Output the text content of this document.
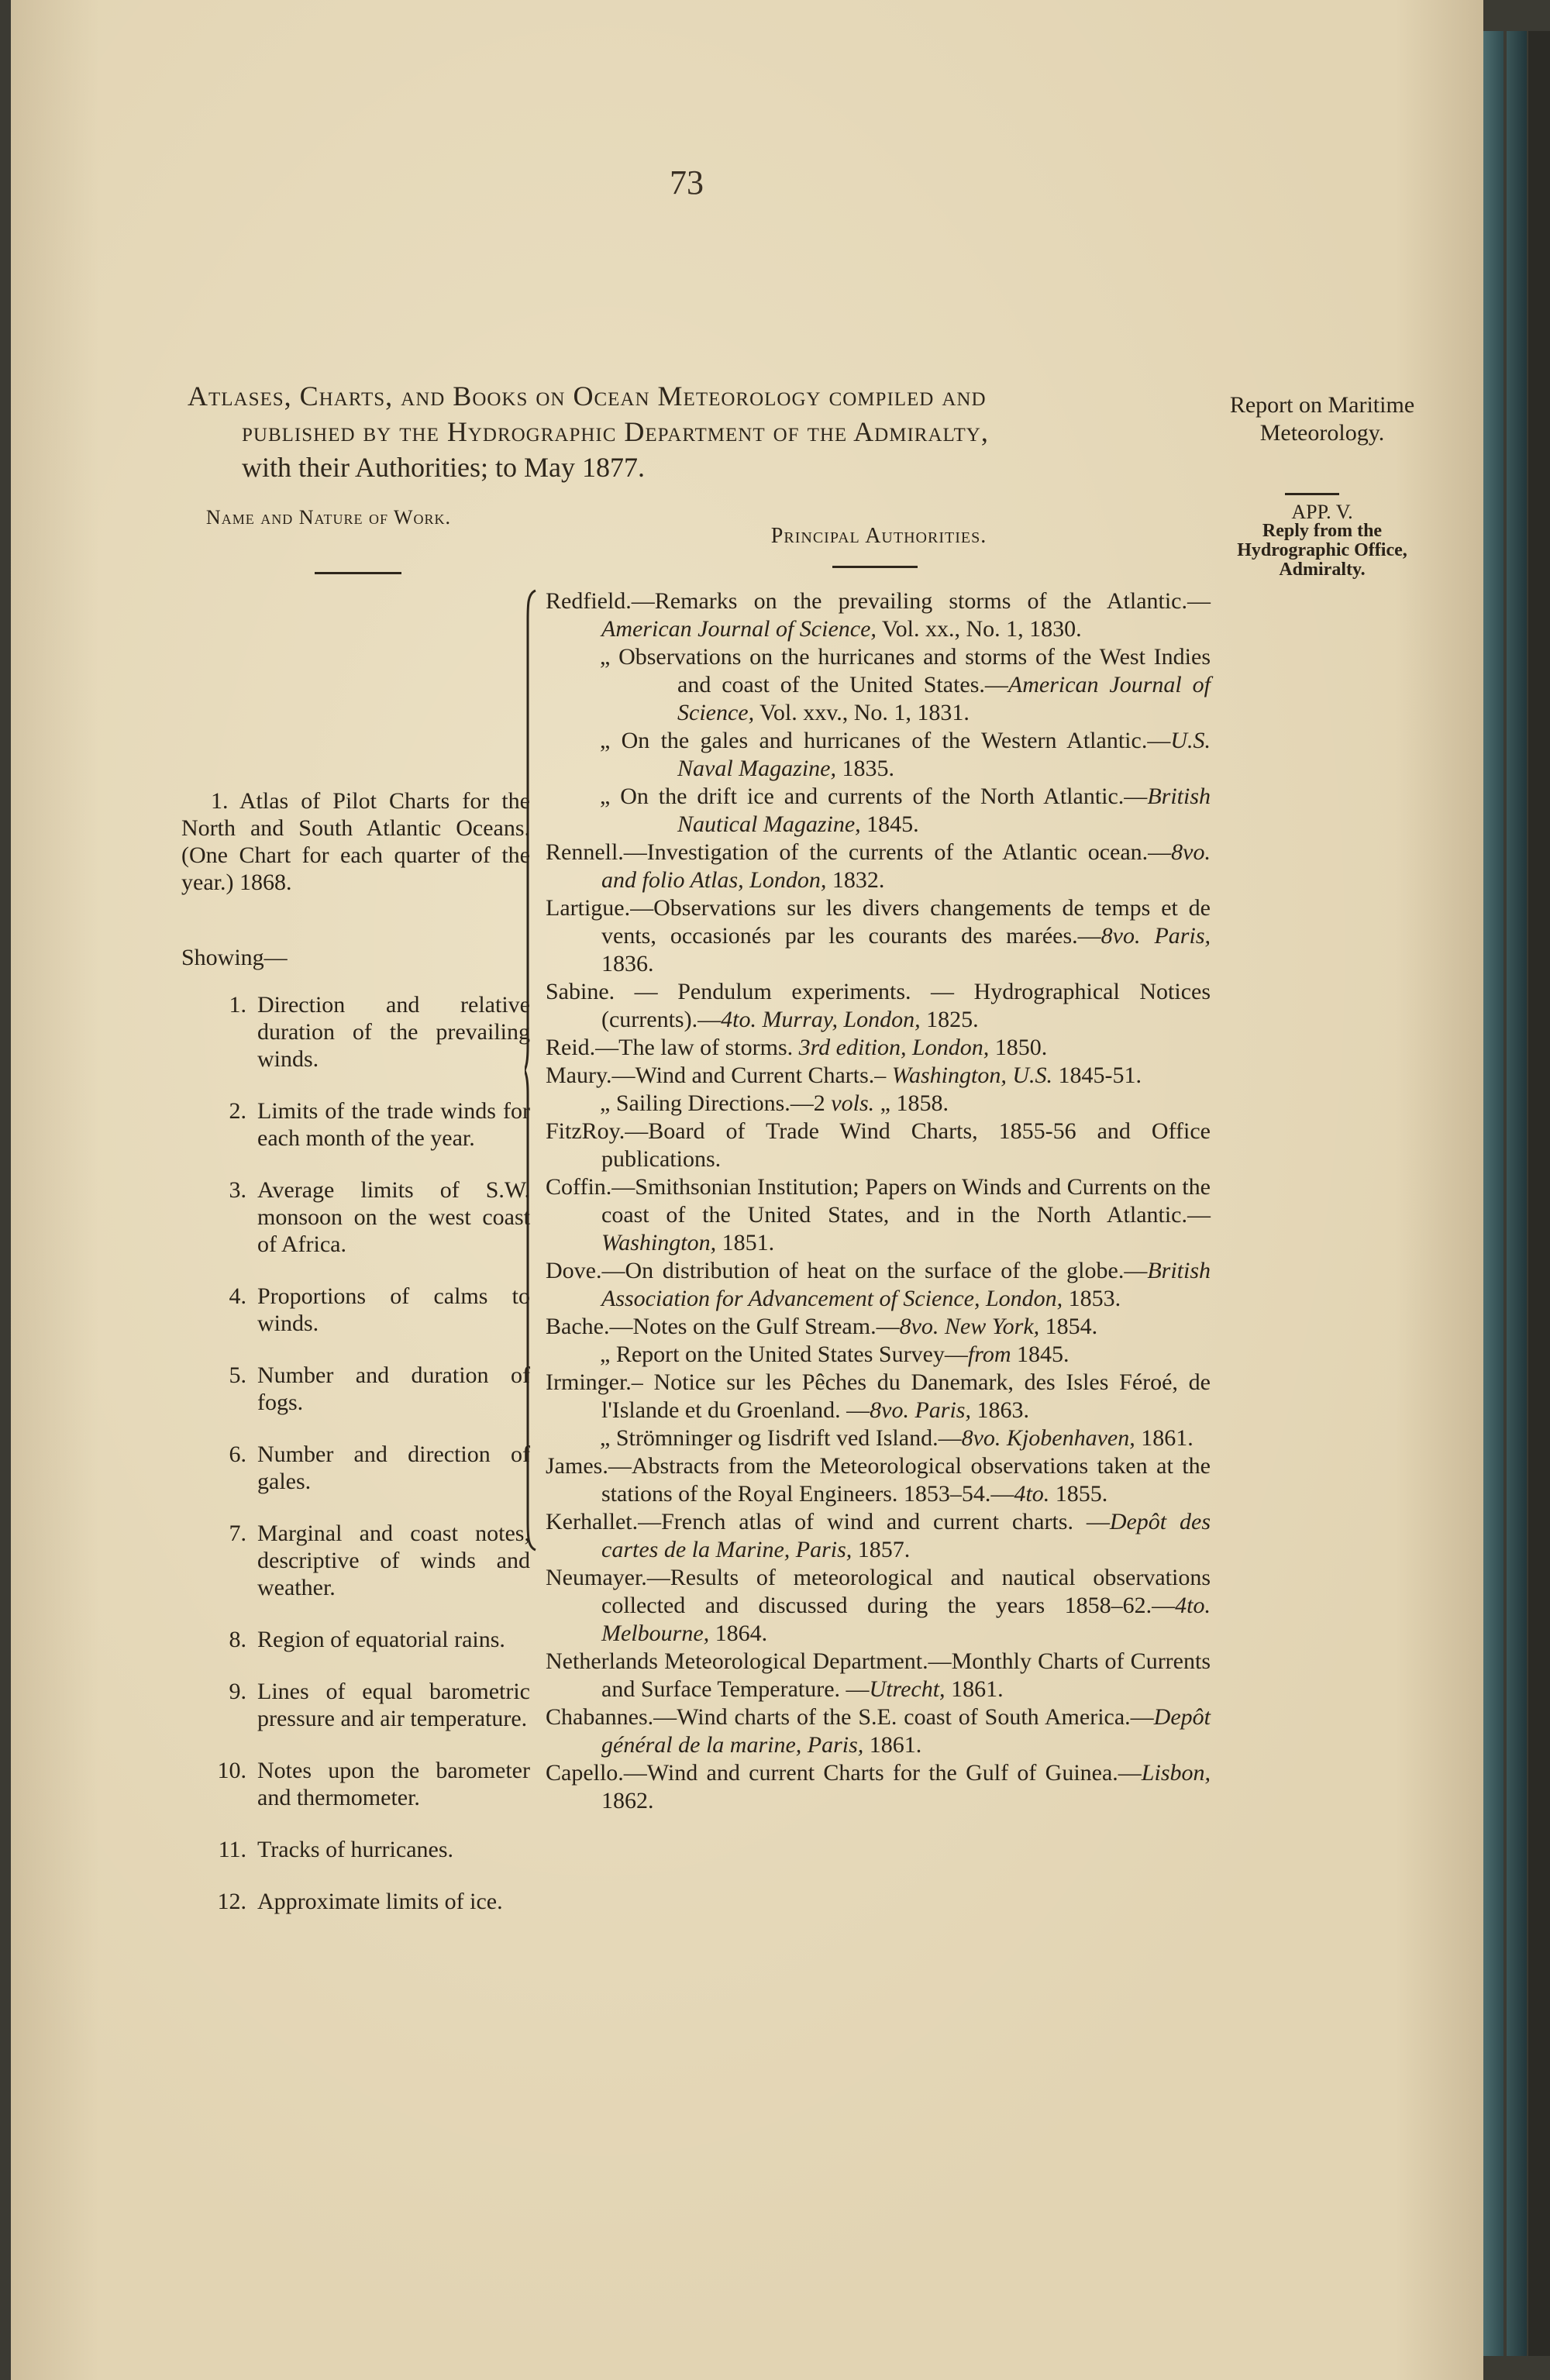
73
Atlases, Charts, and Books on Ocean Meteorology compiled and
published by the Hydrographic Department of the Admiralty,
with their Authorities; to May 1877.
Report on Maritime Meteorology.
APP. V.
Reply from the Hydrographic Office, Admiralty.
Name and Nature of Work.
Principal Authorities.

1. Atlas of Pilot Charts for the North and South Atlantic Oceans. (One Chart for each quarter of the year.) 1868.

Showing—

1. Direction and relative duration of the prevailing winds.
2. Limits of the trade winds for each month of the year.
3. Average limits of S.W. monsoon on the west coast of Africa.
4. Proportions of calms to winds.
5. Number and duration of fogs.
6. Number and direction of gales.
7. Marginal and coast notes, descriptive of winds and weather.
8. Region of equatorial rains.
9. Lines of equal barometric pressure and air temperature.
10. Notes upon the barometer and thermometer.
11. Tracks of hurricanes.
12. Approximate limits of ice.

Redfield.—Remarks on the prevailing storms of the Atlantic.—American Journal of Science, Vol. xx., No. 1, 1830.

„ Observations on the hurricanes and storms of the West Indies and coast of the United States.—American Journal of Science, Vol. xxv., No. 1, 1831.

„ On the gales and hurricanes of the Western Atlantic.—U.S. Naval Magazine, 1835.

„ On the drift ice and currents of the North Atlantic.—British Nautical Magazine, 1845.

Rennell.—Investigation of the currents of the Atlantic ocean.—8vo. and folio Atlas, London, 1832.

Lartigue.—Observations sur les divers changements de temps et de vents, occasionés par les courants des marées.—8vo. Paris, 1836.

Sabine. — Pendulum experiments. — Hydrographical Notices (currents).—4to. Murray, London, 1825.

Reid.—The law of storms. 3rd edition, London, 1850.

Maury.—Wind and Current Charts.– Washington, U.S. 1845-51.

„ Sailing Directions.—2 vols. „ 1858.

FitzRoy.—Board of Trade Wind Charts, 1855-56 and Office publications.

Coffin.—Smithsonian Institution; Papers on Winds and Currents on the coast of the United States, and in the North Atlantic.—Washington, 1851.

Dove.—On distribution of heat on the surface of the globe.—British Association for Advancement of Science, London, 1853.

Bache.—Notes on the Gulf Stream.—8vo. New York, 1854.

„ Report on the United States Survey—from 1845.

Irminger.– Notice sur les Pêches du Danemark, des Isles Féroé, de l'Islande et du Groenland. —8vo. Paris, 1863.

„ Strömninger og Iisdrift ved Island.—8vo. Kjobenhaven, 1861.

James.—Abstracts from the Meteorological observations taken at the stations of the Royal Engineers. 1853–54.—4to. 1855.

Kerhallet.—French atlas of wind and current charts. —Depôt des cartes de la Marine, Paris, 1857.

Neumayer.—Results of meteorological and nautical observations collected and discussed during the years 1858–62.—4to. Melbourne, 1864.

Netherlands Meteorological Department.—Monthly Charts of Currents and Surface Temperature. —Utrecht, 1861.

Chabannes.—Wind charts of the S.E. coast of South America.—Depôt général de la marine, Paris, 1861.

Capello.—Wind and current Charts for the Gulf of Guinea.—Lisbon, 1862.
